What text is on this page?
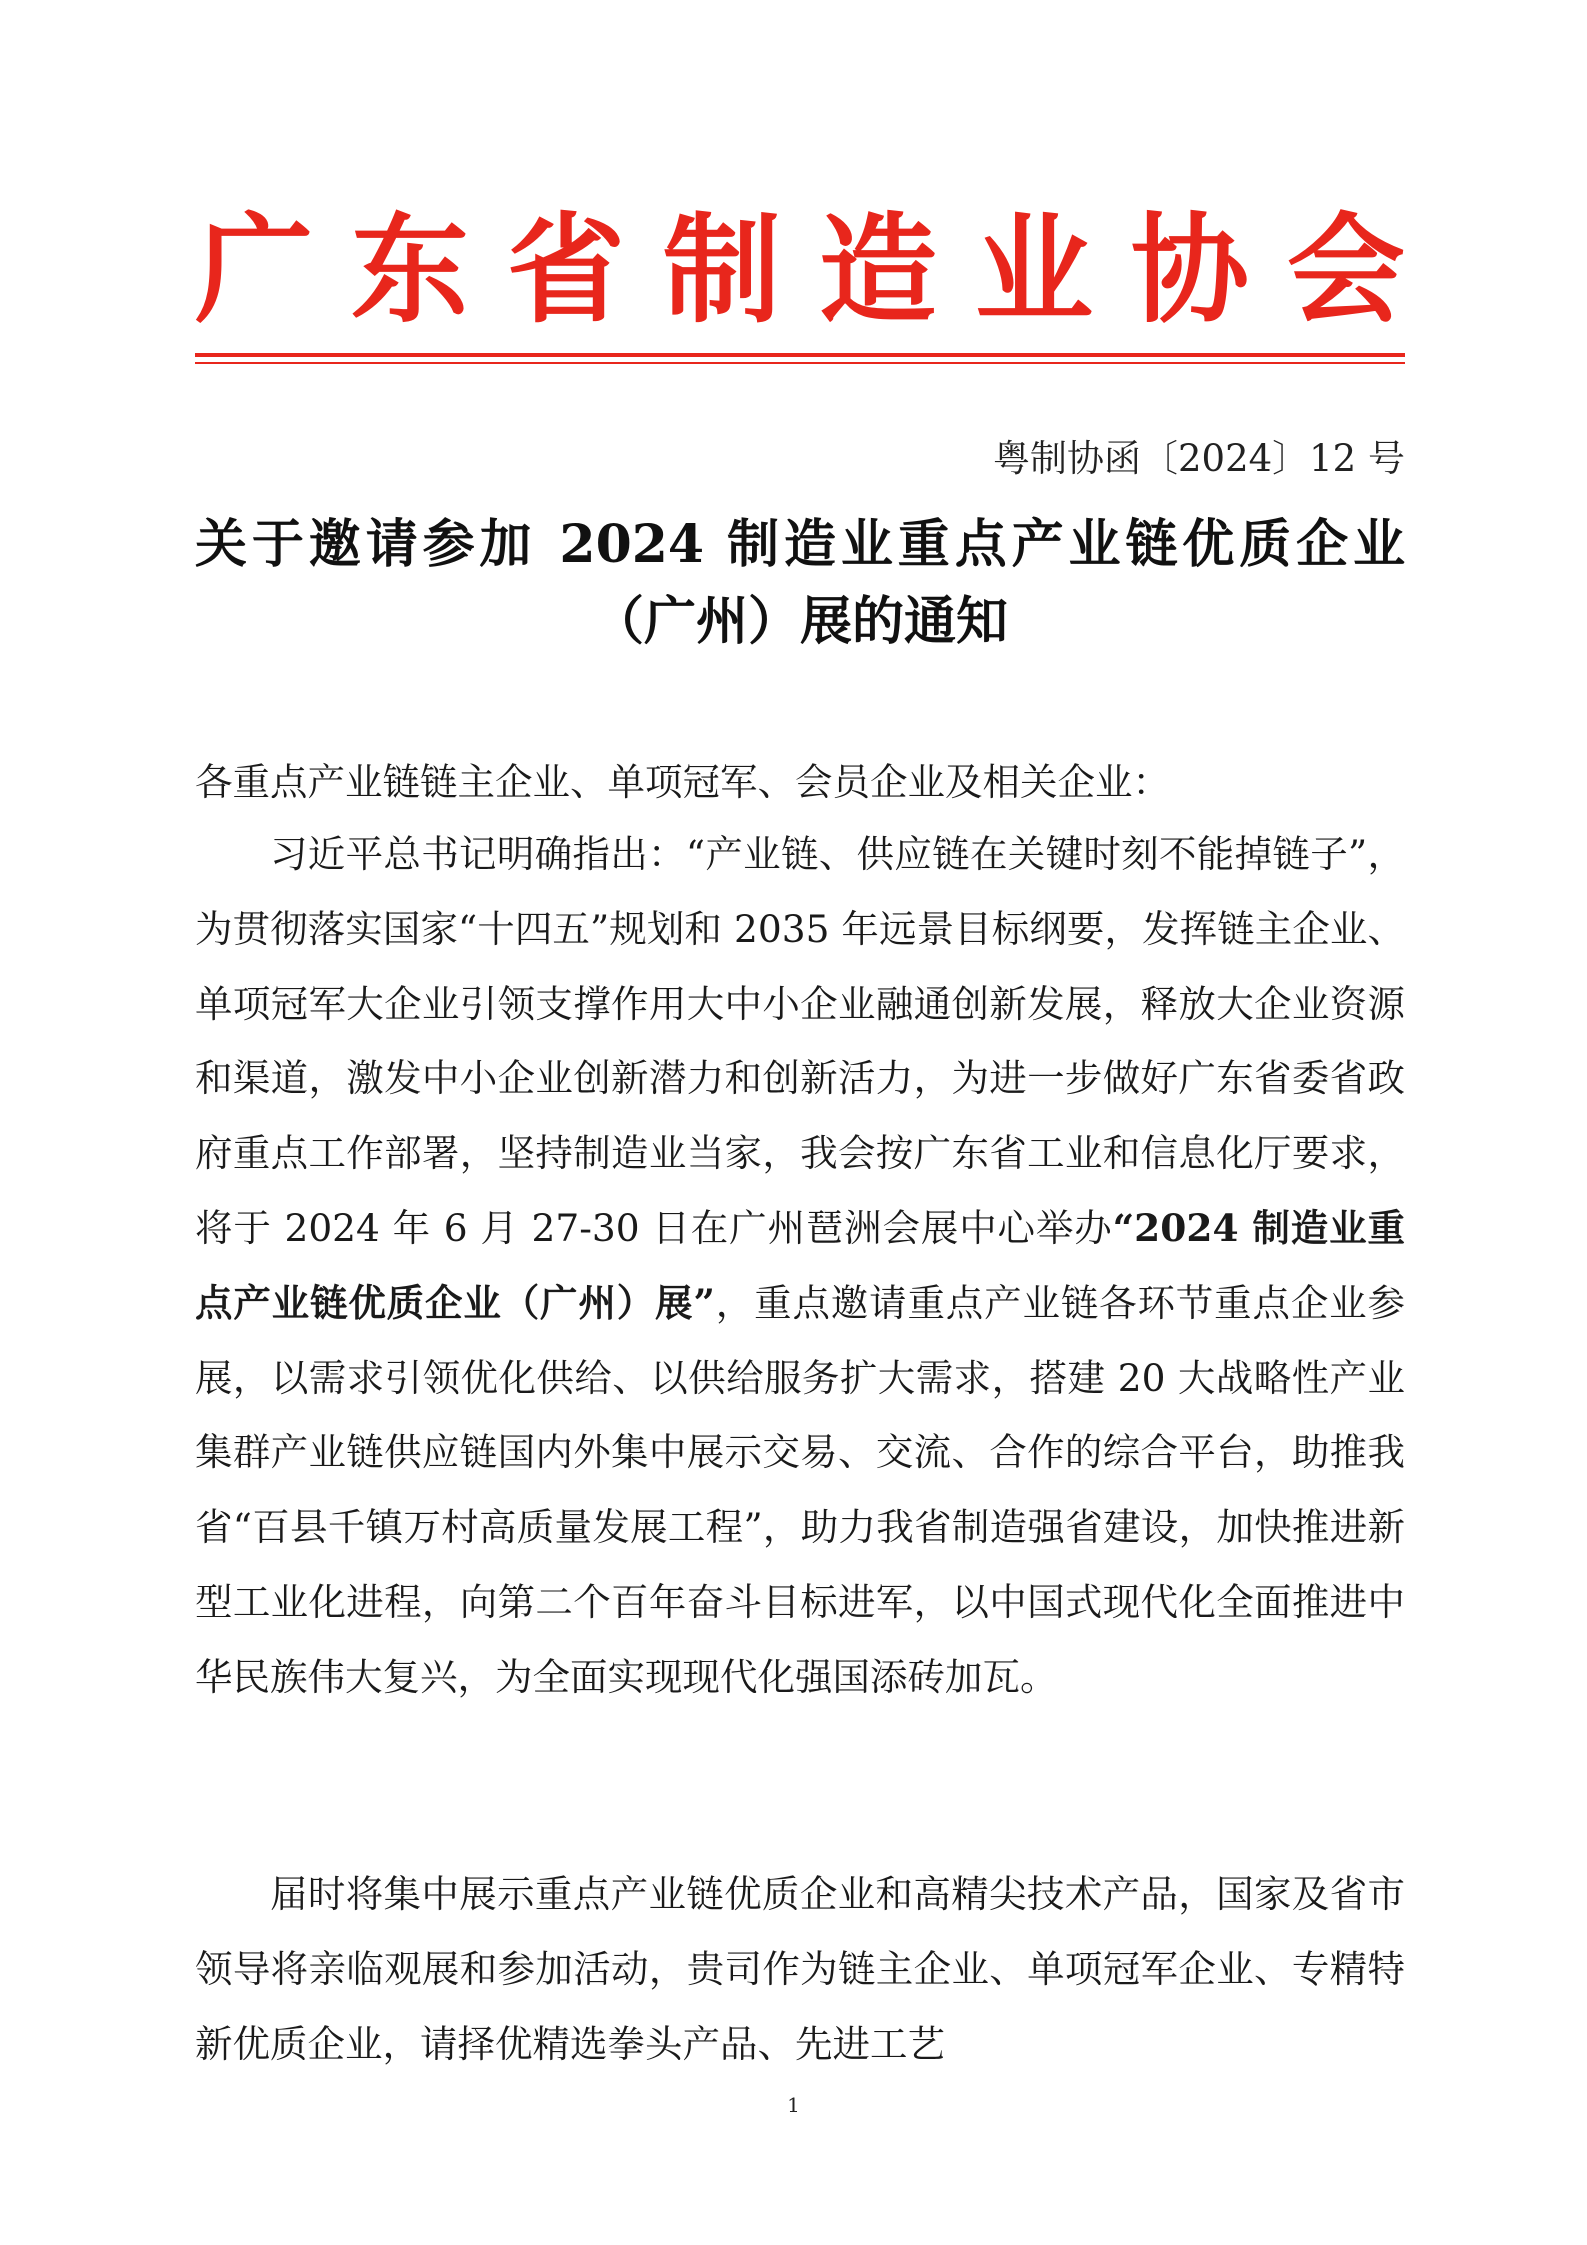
广 东 省 制 造 业 协 会
粤制协函〔2024〕12 号
关于邀请参加 2024 制造业重点产业链优质企业
（广州）展的通知
各重点产业链链主企业、单项冠军、会员企业及相关企业：

习近平总书记明确指出：“产业链、供应链在关键时刻不能掉链子”，为贯彻落实国家“十四五”规划和 2035 年远景目标纲要，发挥链主企业、单项冠军大企业引领支撑作用大中小企业融通创新发展，释放大企业资源和渠道，激发中小企业创新潜力和创新活力，为进一步做好广东省委省政府重点工作部署，坚持制造业当家，我会按广东省工业和信息化厅要求，将于 2024 年 6 月 27-30 日在广州琶洲会展中心举办“2024 制造业重点产业链优质企业（广州）展”，重点邀请重点产业链各环节重点企业参展，以需求引领优化供给、以供给服务扩大需求，搭建 20 大战略性产业集群产业链供应链国内外集中展示交易、交流、合作的综合平台，助推我省“百县千镇万村高质量发展工程”，助力我省制造强省建设，加快推进新型工业化进程，向第二个百年奋斗目标进军，以中国式现代化全面推进中华民族伟大复兴，为全面实现现代化强国添砖加瓦。

届时将集中展示重点产业链优质企业和高精尖技术产品，国家及省市领导将亲临观展和参加活动，贵司作为链主企业、单项冠军企业、专精特新优质企业，请择优精选拳头产品、先进工艺

1
